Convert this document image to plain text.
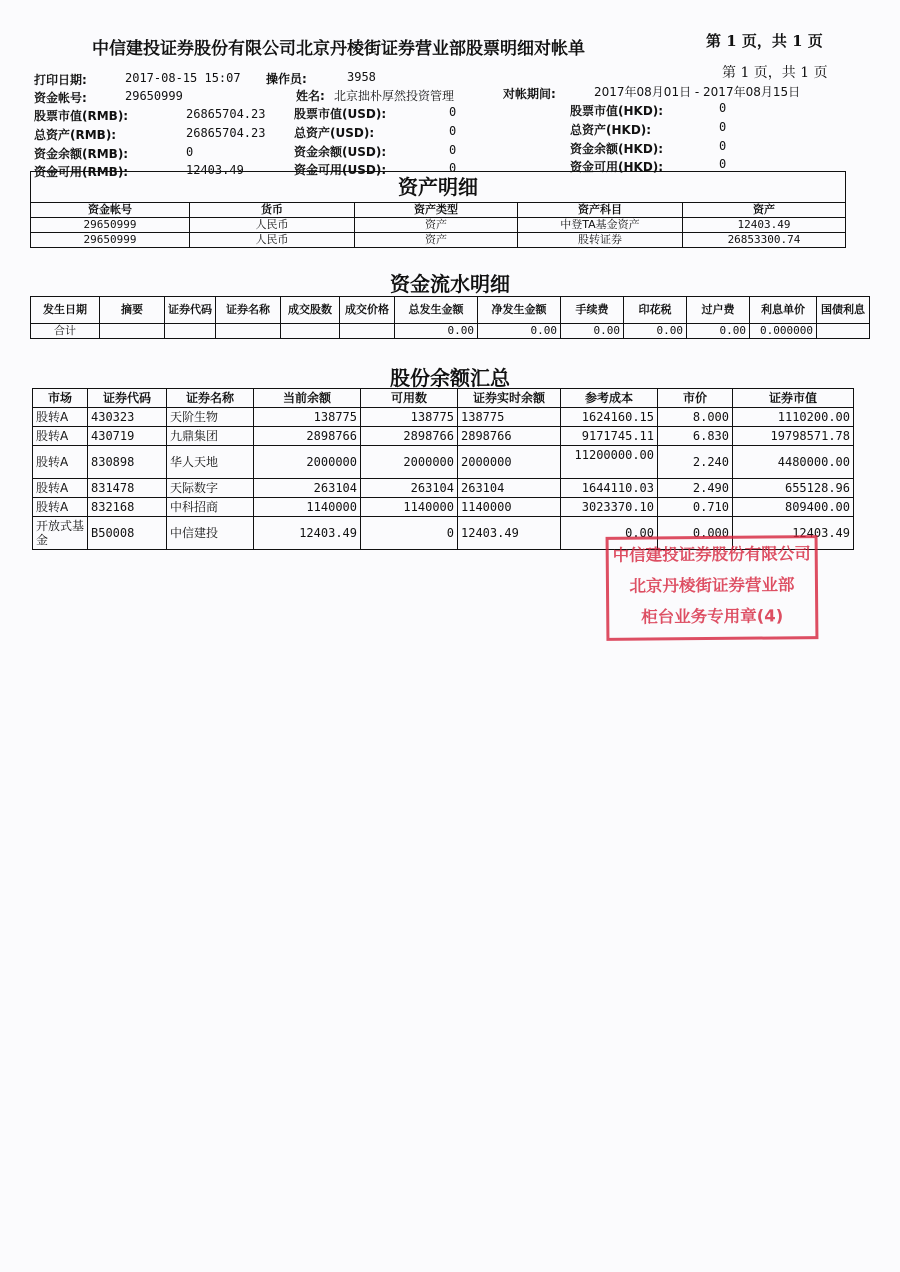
中信建投证券股份有限公司北京丹棱街证券营业部股票明细对帐单	第 1 页，共 1 页
第 1 页，共 1 页
打印日期:	2017-08-15 15:07 操作员:	3958
资金帐号:	29650999	姓名: 北京拙朴厚然投资管理	对帐期间:	2017年08月01日 - 2017年08月15日
股票市值(RMB):	26865704.23 股票市值(USD):	0	股票市值(HKD):	0
总资产(RMB):	26865704.23 总资产(USD):	0	总资产(HKD):	0
资金余额(RMB):	0	资金余额(USD):	0	资金余额(HKD):	0
资金可用(RMB):	12403.49	资金可用(USD):	0	资金可用(HKD):	0
资产明细				
资金帐号	货币	资产类型	资产科目	资产
29650999	人民币	资产	中登TA基金资产	12403.49
29650999	人民币	资产	股转证券	26853300.74
资金流水明细
发生日期	摘要	证券代码	证券名称	成交股数	成交价格	总发生金额	净发生金额	手续费	印花税	过户费	利息单价	国债利息
合计						0.00	0.00	0.00	0.00	0.00	0.000000	
股份余额汇总
市场	证券代码	证券名称	当前余额	可用数	证券实时余额	参考成本	市价	证券市值
股转A	430323	天阶生物	138775	138775	138775	1624160.15	8.000	1110200.00
股转A	430719	九鼎集团	2898766	2898766	2898766	9171745.11	6.830	19798571.78
股转A	830898	华人天地	2000000	2000000	2000000	11200000.00	2.240	4480000.00
股转A	831478	天际数字	263104	263104	263104	1644110.03	2.490	655128.96
股转A	832168	中科招商	1140000	1140000	1140000	3023370.10	0.710	809400.00
开放式基金	B50008	中信建投	12403.49	0	12403.49	0.00	0.000	12403.49
中信建投证券股份有限公司
北京丹棱街证券营业部
柜台业务专用章(4)
